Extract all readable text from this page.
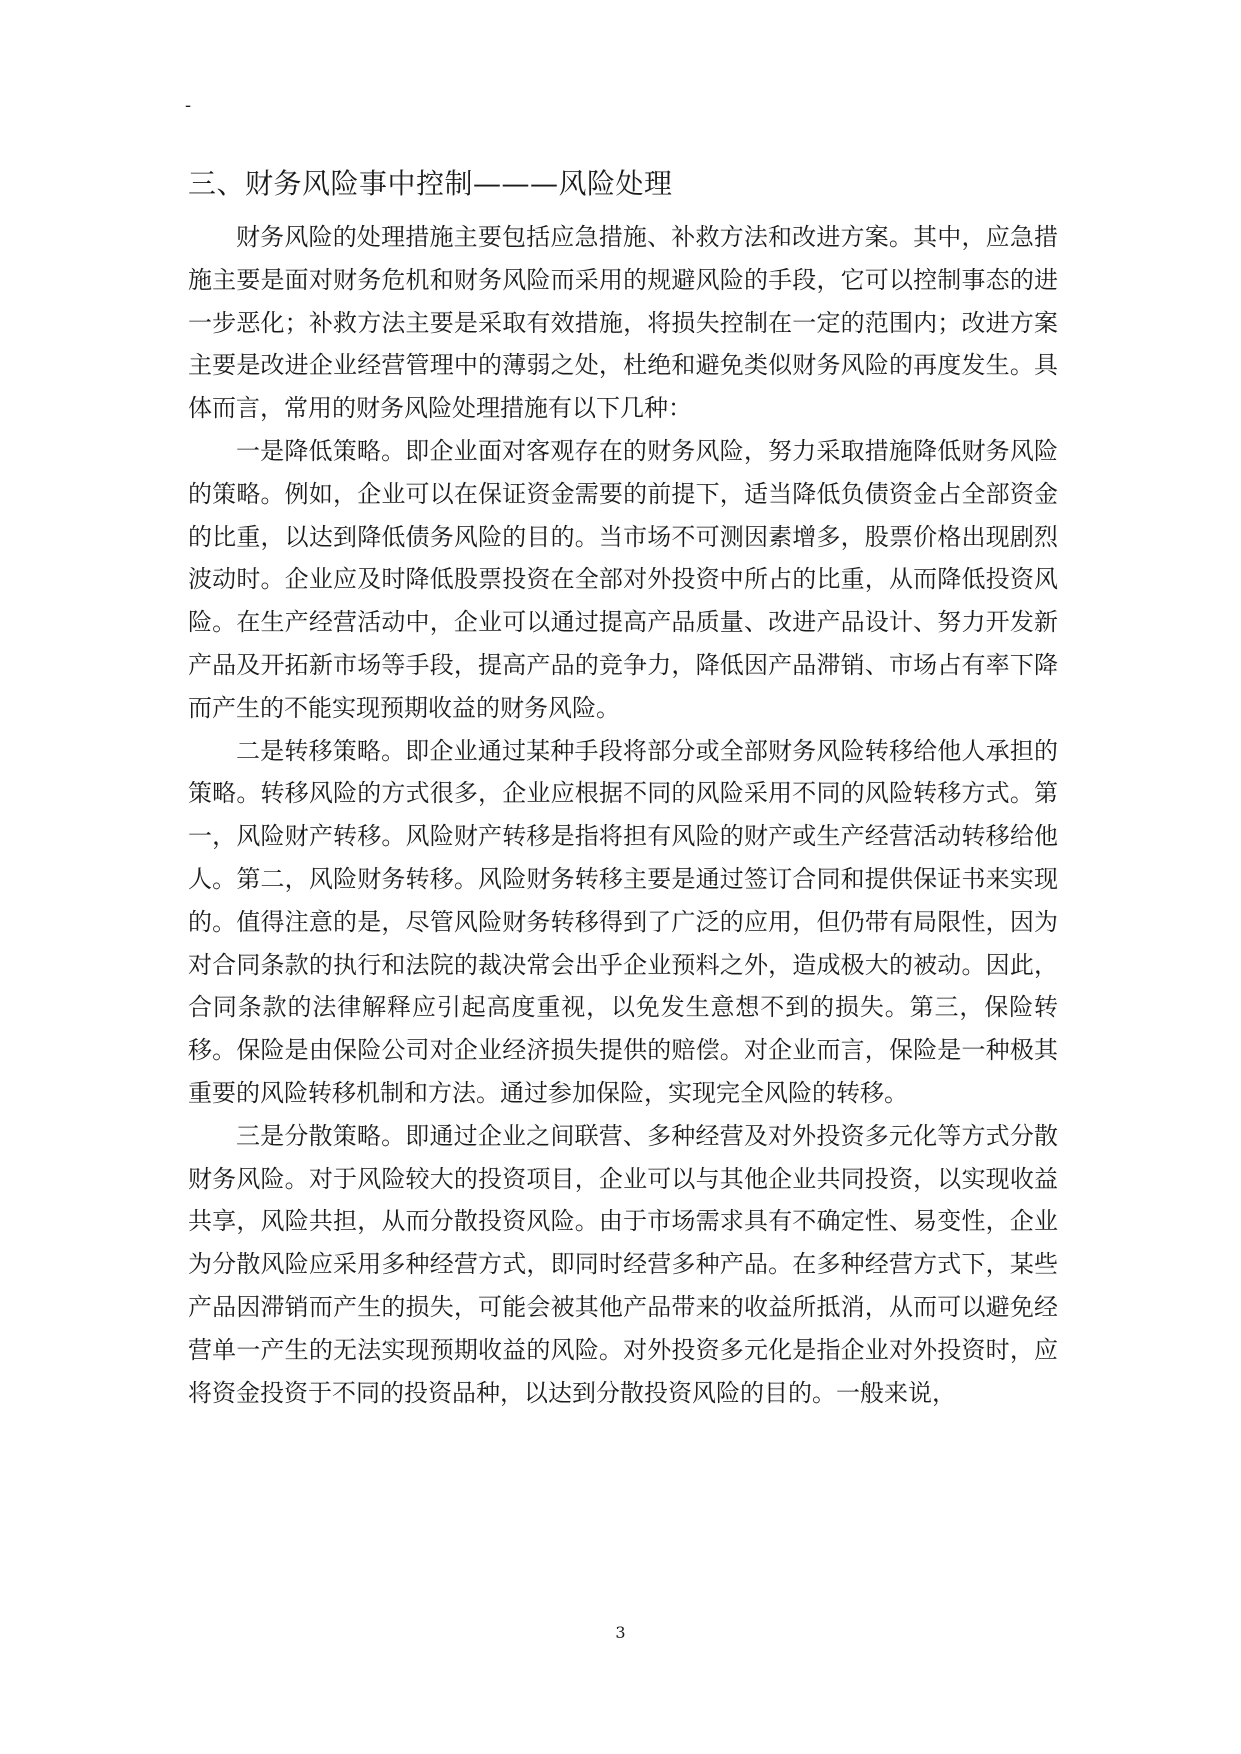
-
三、财务风险事中控制———风险处理

财务风险的处理措施主要包括应急措施、补救方法和改进方案。其中，应急措施主要是面对财务危机和财务风险而采用的规避风险的手段，它可以控制事态的进一步恶化；补救方法主要是采取有效措施，将损失控制在一定的范围内；改进方案主要是改进企业经营管理中的薄弱之处，杜绝和避免类似财务风险的再度发生。具体而言，常用的财务风险处理措施有以下几种：

一是降低策略。即企业面对客观存在的财务风险，努力采取措施降低财务风险的策略。例如，企业可以在保证资金需要的前提下，适当降低负债资金占全部资金的比重，以达到降低债务风险的目的。当市场不可测因素增多，股票价格出现剧烈波动时。企业应及时降低股票投资在全部对外投资中所占的比重，从而降低投资风险。在生产经营活动中，企业可以通过提高产品质量、改进产品设计、努力开发新产品及开拓新市场等手段，提高产品的竞争力，降低因产品滞销、市场占有率下降而产生的不能实现预期收益的财务风险。

二是转移策略。即企业通过某种手段将部分或全部财务风险转移给他人承担的策略。转移风险的方式很多，企业应根据不同的风险采用不同的风险转移方式。第一，风险财产转移。风险财产转移是指将担有风险的财产或生产经营活动转移给他人。第二，风险财务转移。风险财务转移主要是通过签订合同和提供保证书来实现的。值得注意的是，尽管风险财务转移得到了广泛的应用，但仍带有局限性，因为对合同条款的执行和法院的裁决常会出乎企业预料之外，造成极大的被动。因此，合同条款的法律解释应引起高度重视，以免发生意想不到的损失。第三，保险转移。保险是由保险公司对企业经济损失提供的赔偿。对企业而言，保险是一种极其重要的风险转移机制和方法。通过参加保险，实现完全风险的转移。

三是分散策略。即通过企业之间联营、多种经营及对外投资多元化等方式分散财务风险。对于风险较大的投资项目，企业可以与其他企业共同投资，以实现收益共享，风险共担，从而分散投资风险。由于市场需求具有不确定性、易变性，企业为分散风险应采用多种经营方式，即同时经营多种产品。在多种经营方式下，某些产品因滞销而产生的损失，可能会被其他产品带来的收益所抵消，从而可以避免经营单一产生的无法实现预期收益的风险。对外投资多元化是指企业对外投资时，应将资金投资于不同的投资品种，以达到分散投资风险的目的。一般来说，

3
